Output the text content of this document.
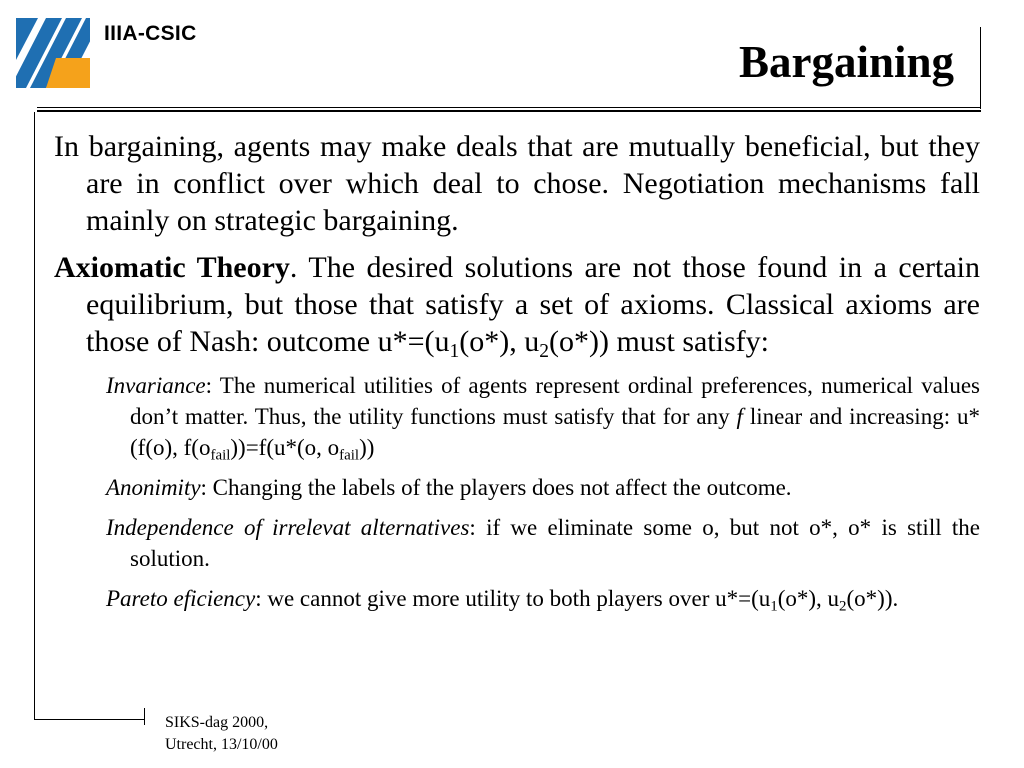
IIIA-CSIC
Bargaining

In bargaining, agents may make deals that are mutually beneficial, but they are in conflict over which deal to chose. Negotiation mechanisms fall mainly on strategic bargaining.

Axiomatic Theory. The desired solutions are not those found in a certain equilibrium, but those that satisfy a set of axioms. Classical axioms are those of Nash: outcome $u*=(u_1(o*)$, $u_2(o*)$) must satisfy:

Invariance: The numerical utilities of agents represent ordinal preferences, numerical values don’t matter. Thus, the utility functions must satisfy that for any f linear and increasing: u*(f(o), $f(o_{fail}))=f(u*(o$, $o_{fail}$))

Anonimity: Changing the labels of the players does not affect the outcome.

Independence of irrelevat alternatives: if we eliminate some o, but not o*, o* is still the solution.

Pareto eficiency: we cannot give more utility to both players over $u*=(u_1(o*)$, $u_2(o*)$).

SIKS-dag 2000,
Utrecht, 13/10/00
